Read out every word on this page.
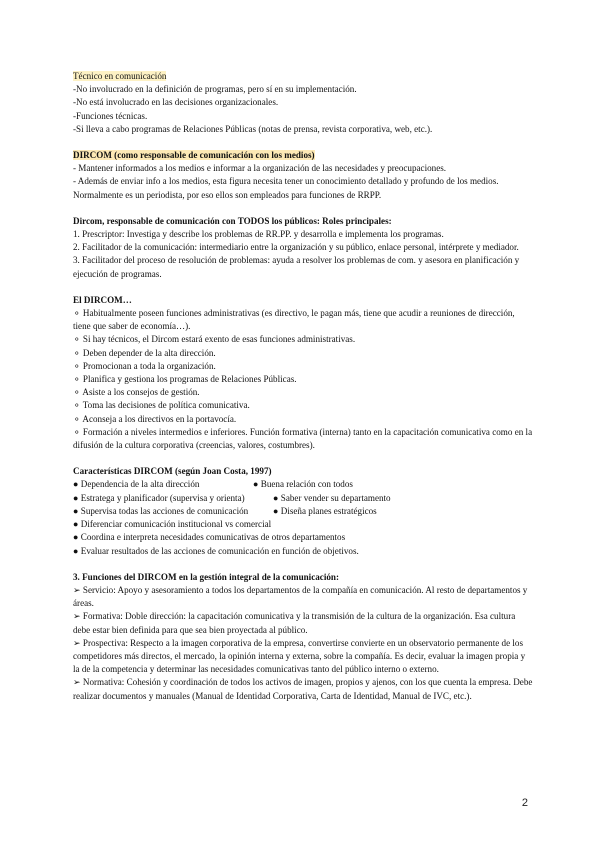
Técnico en comunicación

-No involucrado en la definición de programas, pero sí en su implementación.

-No está involucrado en las decisiones organizacionales.

-Funciones técnicas.

-Si lleva a cabo programas de Relaciones Públicas (notas de prensa, revista corporativa, web, etc.).

DIRCOM (como responsable de comunicación con los medios)

- Mantener informados a los medios e informar a la organización de las necesidades y preocupaciones.

- Además de enviar info a los medios, esta figura necesita tener un conocimiento detallado y profundo de los medios. Normalmente es un periodista, por eso ellos son empleados para funciones de RRPP.

Dircom, responsable de comunicación con TODOS los públicos: Roles principales:

1. Prescriptor: Investiga y describe los problemas de RR.PP. y desarrolla e implementa los programas.

2. Facilitador de la comunicación: intermediario entre la organización y su público, enlace personal, intérprete y mediador.

3. Facilitador del proceso de resolución de problemas: ayuda a resolver los problemas de com. y asesora en planificación y ejecución de programas.

El DIRCOM…

⚬ Habitualmente poseen funciones administrativas (es directivo, le pagan más, tiene que acudir a reuniones de dirección, tiene que saber de economía…).

⚬ Si hay técnicos, el Dircom estará exento de esas funciones administrativas.

⚬ Deben depender de la alta dirección.

⚬ Promocionan a toda la organización.

⚬ Planifica y gestiona los programas de Relaciones Públicas.

⚬ Asiste a los consejos de gestión.

⚬ Toma las decisiones de política comunicativa.

⚬ Aconseja a los directivos en la portavocía.

⚬ Formación a niveles intermedios e inferiores. Función formativa (interna) tanto en la capacitación comunicativa como en la difusión de la cultura corporativa (creencias, valores, costumbres).

Características DIRCOM (según Joan Costa, 1997)

● Dependencia de la alta dirección	● Buena relación con todos
● Estratega y planificador (supervisa y orienta)	● Saber vender su departamento
● Supervisa todas las acciones de comunicación	● Diseña planes estratégicos

● Diferenciar comunicación institucional vs comercial

● Coordina e interpreta necesidades comunicativas de otros departamentos

● Evaluar resultados de las acciones de comunicación en función de objetivos.

3. Funciones del DIRCOM en la gestión integral de la comunicación:

➢ Servicio: Apoyo y asesoramiento a todos los departamentos de la compañía en comunicación. Al resto de departamentos y áreas.

➢ Formativa: Doble dirección: la capacitación comunicativa y la transmisión de la cultura de la organización. Esa cultura debe estar bien definida para que sea bien proyectada al público.

➢ Prospectiva: Respecto a la imagen corporativa de la empresa, convertirse convierte en un observatorio permanente de los competidores más directos, el mercado, la opinión interna y externa, sobre la compañía. Es decir, evaluar la imagen propia y la de la competencia y determinar las necesidades comunicativas tanto del público interno o externo.

➢ Normativa: Cohesión y coordinación de todos los activos de imagen, propios y ajenos, con los que cuenta la empresa. Debe realizar documentos y manuales (Manual de Identidad Corporativa, Carta de Identidad, Manual de IVC, etc.).

2
